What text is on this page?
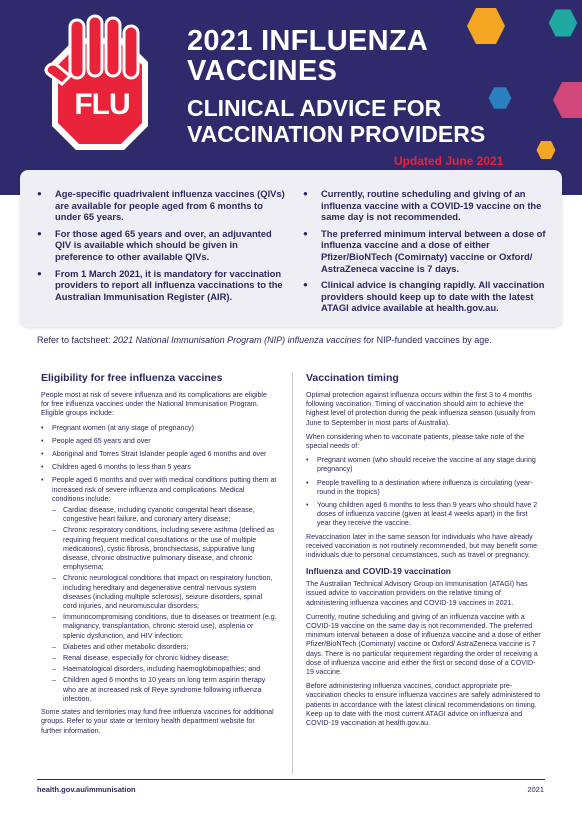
FLU
2021 INFLUENZA
VACCINES
CLINICAL ADVICE FOR
VACCINATION PROVIDERS
Updated June 2021
● Age-specific quadrivalent influenza vaccines (QIVs) are available for people aged from 6 months to under 65 years.
● For those aged 65 years and over, an adjuvanted QIV is available which should be given in preference to other available QIVs.
● From 1 March 2021, it is mandatory for vaccination providers to report all influenza vaccinations to the Australian Immunisation Register (AIR).
● Currently, routine scheduling and giving of an influenza vaccine with a COVID-19 vaccine on the same day is not recommended.
● The preferred minimum interval between a dose of influenza vaccine and a dose of either Pfizer/BioNTech (Comirnaty) vaccine or Oxford/ AstraZeneca vaccine is 7 days.
● Clinical advice is changing rapidly. All vaccination providers should keep up to date with the latest ATAGI advice available at health.gov.au.
Refer to factsheet: 2021 National Immunisation Program (NIP) influenza vaccines for NIP-funded vaccines by age.
Eligibility for free influenza vaccines

People most at risk of severe influenza and its complications are eligible for free influenza vaccines under the National Immunisation Program. Eligible groups include:

• Pregnant women (at any stage of pregnancy)
• People aged 65 years and over
• Aboriginal and Torres Strait Islander people aged 6 months and over
• Children aged 6 months to less than 5 years
• People aged 6 months and over with medical conditions putting them at increased risk of severe influenza and complications. Medical conditions include:
– Cardiac disease, including cyanotic congenital heart disease, congestive heart failure, and coronary artery disease;
– Chronic respiratory conditions, including severe asthma (defined as requiring frequent medical consultations or the use of multiple medications), cystic fibrosis, bronchiectasis, suppurative lung disease, chronic obstructive pulmonary disease, and chronic emphysema;
– Chronic neurological conditions that impact on respiratory function, including hereditary and degenerative central nervous system diseases (including multiple sclerosis), seizure disorders, spinal cord injuries, and neuromuscular disorders;
– Immunocompromising conditions, due to diseases or treatment (e.g. malignancy, transplantation, chronic steroid use), asplenia or splenic dysfunction, and HIV infection;
– Diabetes and other metabolic disorders;
– Renal disease, especially for chronic kidney disease;
– Haematological disorders, including haemoglobinopathies; and
– Children aged 6 months to 10 years on long term aspirin therapy who are at increased risk of Reye syndrome following influenza infection.

Some states and territories may fund free influenza vaccines for additional groups. Refer to your state or territory health department website for further information.

Vaccination timing

Optimal protection against influenza occurs within the first 3 to 4 months following vaccination. Timing of vaccination should aim to achieve the highest level of protection during the peak influenza season (usually from June to September in most parts of Australia).

When considering when to vaccinate patients, please take note of the special needs of:

• Pregnant women (who should receive the vaccine at any stage during pregnancy)
• People travelling to a destination where influenza is circulating (year-round in the tropics)
• Young children aged 6 months to less than 9 years who should have 2 doses of influenza vaccine (given at least 4 weeks apart) in the first year they receive the vaccine.

Revaccination later in the same season for individuals who have already received vaccination is not routinely recommended, but may benefit some individuals due to personal circumstances, such as travel or pregnancy.

Influenza and COVID-19 vaccination

The Australian Technical Advisory Group on Immunisation (ATAGI) has issued advice to vaccination providers on the relative timing of administering influenza vaccines and COVID-19 vaccines in 2021.

Currently, routine scheduling and giving of an influenza vaccine with a COVID-19 vaccine on the same day is not recommended. The preferred minimum interval between a dose of influenza vaccine and a dose of either Pfizer/BioNTech (Comirnaty) vaccine or Oxford/ AstraZeneca vaccine is 7 days. There is no particular requirement regarding the order of receiving a dose of influenza vaccine and either the first or second dose of a COVID-19 vaccine.

Before administering influenza vaccines, conduct appropriate pre-vaccination checks to ensure influenza vaccines are safely administered to patients in accordance with the latest clinical recommendations on timing. Keep up to date with the most current ATAGI advice on influenza and COVID-19 vaccination at health.gov.au.

health.gov.au/immunisation	2021
